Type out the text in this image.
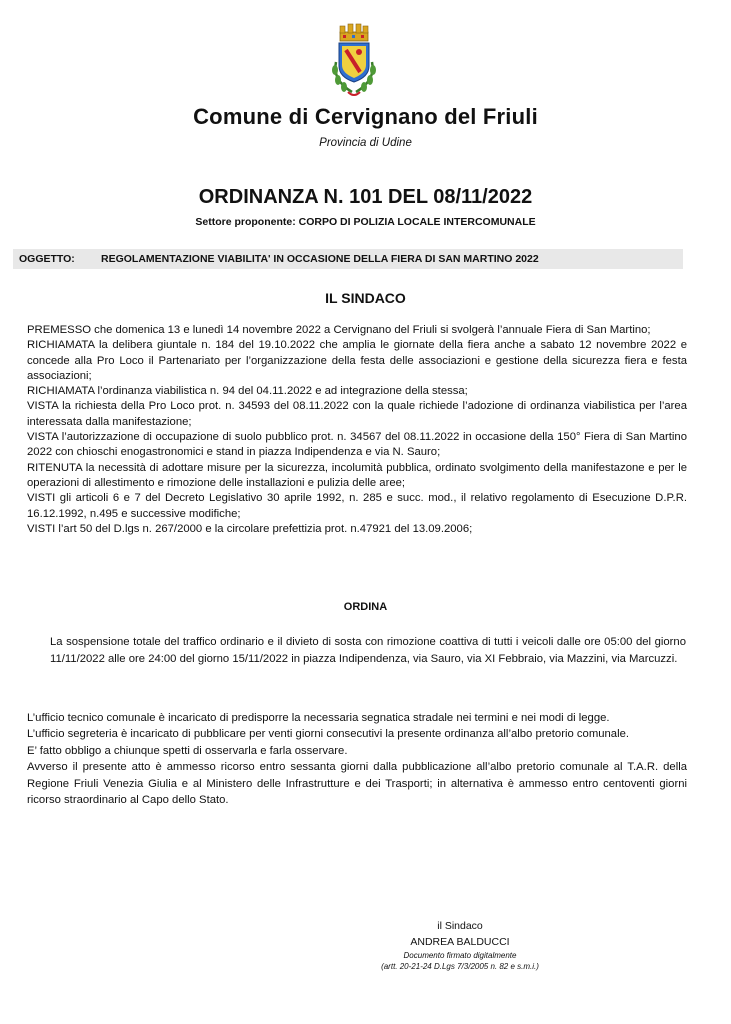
Comune di Cervignano del Friuli
Provincia di Udine
ORDINANZA N. 101 DEL 08/11/2022
Settore proponente: CORPO DI POLIZIA LOCALE INTERCOMUNALE
OGGETTO: REGOLAMENTAZIONE VIABILITA' IN OCCASIONE DELLA FIERA DI SAN MARTINO 2022
IL SINDACO

PREMESSO che domenica 13 e lunedì 14 novembre 2022 a Cervignano del Friuli si svolgerà l’annuale Fiera di San Martino;

RICHIAMATA la delibera giuntale n. 184 del 19.10.2022 che amplia le giornate della fiera anche a sabato 12 novembre 2022 e concede alla Pro Loco il Partenariato per l’organizzazione della festa delle associazioni e gestione della sicurezza fiera e festa associazioni;

RICHIAMATA l’ordinanza viabilistica n. 94 del 04.11.2022 e ad integrazione della stessa;

VISTA la richiesta della Pro Loco prot. n. 34593 del 08.11.2022 con la quale richiede l’adozione di ordinanza viabilistica per l’area interessata dalla manifestazione;

VISTA l’autorizzazione di occupazione di suolo pubblico prot. n. 34567 del 08.11.2022 in occasione della 150° Fiera di San Martino 2022 con chioschi enogastronomici e stand in piazza Indipendenza e via N. Sauro;

RITENUTA la necessità di adottare misure per la sicurezza, incolumità pubblica, ordinato svolgimento della manifestazone e per le operazioni di allestimento e rimozione delle installazioni e pulizia delle aree;

VISTI gli articoli 6 e 7 del Decreto Legislativo 30 aprile 1992, n. 285 e succ. mod., il relativo regolamento di Esecuzione D.P.R. 16.12.1992, n.495 e successive modifiche;

VISTI l’art 50 del D.lgs n. 267/2000 e la circolare prefettizia prot. n.47921 del 13.09.2006;

ORDINA
La sospensione totale del traffico ordinario e il divieto di sosta con rimozione coattiva di tutti i veicoli dalle ore 05:00 del giorno 11/11/2022 alle ore 24:00 del giorno 15/11/2022 in piazza Indipendenza, via Sauro, via XI Febbraio, via Mazzini, via Marcuzzi.

L’ufficio tecnico comunale è incaricato di predisporre la necessaria segnatica stradale nei termini e nei modi di legge.

L’ufficio segreteria è incaricato di pubblicare per venti giorni consecutivi la presente ordinanza all’albo pretorio comunale.

E’ fatto obbligo a chiunque spetti di osservarla e farla osservare.

Avverso il presente atto è ammesso ricorso entro sessanta giorni dalla pubblicazione all’albo pretorio comunale al T.A.R. della Regione Friuli Venezia Giulia e al Ministero delle Infrastrutture e dei Trasporti; in alternativa è ammesso entro centoventi giorni ricorso straordinario al Capo dello Stato.

il Sindaco
ANDREA BALDUCCI
Documento firmato digitalmente
(artt. 20-21-24 D.Lgs 7/3/2005 n. 82 e s.m.i.)
